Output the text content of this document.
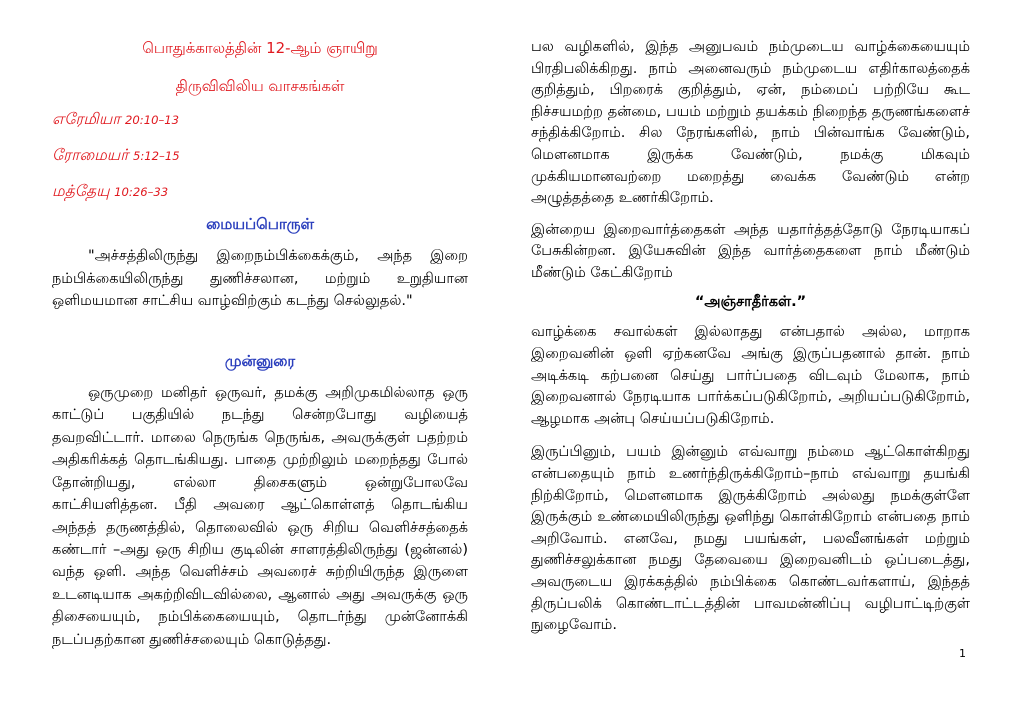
பொதுக்காலத்தின் 12-ஆம் ஞாயிறு
திருவிவிலிய வாசகங்கள்
எரேமியா 20:10–13
ரோமையர் 5:12–15
மத்தேயு 10:26–33
மையப்பொருள்

"அச்சத்திலிருந்து இறைநம்பிக்கைக்கும், அந்த இறை நம்பிக்கையிலிருந்து துணிச்சலான, மற்றும் உறுதியான ஒளிமயமான சாட்சிய வாழ்விற்கும் கடந்து செல்லுதல்."

முன்னுரை

ஒருமுறை மனிதர் ஒருவர், தமக்கு அறிமுகமில்லாத ஒரு காட்டுப் பகுதியில் நடந்து சென்றபோது வழியைத் தவறவிட்டார். மாலை நெருங்க நெருங்க, அவருக்குள் பதற்றம் அதிகரிக்கத் தொடங்கியது. பாதை முற்றிலும் மறைந்தது போல் தோன்றியது, எல்லா திசைகளும் ஒன்றுபோலவே காட்சியளித்தன. பீதி அவரை ஆட்கொள்ளத் தொடங்கிய அந்தத் தருணத்தில், தொலைவில் ஒரு சிறிய வெளிச்சத்தைக் கண்டார் –அது ஒரு சிறிய குடிலின் சாளரத்திலிருந்து (ஜன்னல்) வந்த ஒளி. அந்த வெளிச்சம் அவரைச் சுற்றியிருந்த இருளை உடனடியாக அகற்றிவிடவில்லை, ஆனால் அது அவருக்கு ஒரு திசையையும், நம்பிக்கையையும், தொடர்ந்து முன்னோக்கி நடப்பதற்கான துணிச்சலையும் கொடுத்தது.

பல வழிகளில், இந்த அனுபவம் நம்முடைய வாழ்க்கையையும் பிரதிபலிக்கிறது. நாம் அனைவரும் நம்முடைய எதிர்காலத்தைக் குறித்தும், பிறரைக் குறித்தும், ஏன், நம்மைப் பற்றியே கூட நிச்சயமற்ற தன்மை, பயம் மற்றும் தயக்கம் நிறைந்த தருணங்களைச் சந்திக்கிறோம். சில நேரங்களில், நாம் பின்வாங்க வேண்டும், மௌனமாக இருக்க வேண்டும், நமக்கு மிகவும் முக்கியமானவற்றை மறைத்து வைக்க வேண்டும் என்ற அழுத்தத்தை உணர்கிறோம்.

இன்றைய இறைவார்த்தைகள் அந்த யதார்த்தத்தோடு நேரடியாகப் பேசுகின்றன. இயேசுவின் இந்த வார்த்தைகளை நாம் மீண்டும் மீண்டும் கேட்கிறோம்

“அஞ்சாதீர்கள்.”

வாழ்க்கை சவால்கள் இல்லாதது என்பதால் அல்ல, மாறாக இறைவனின் ஒளி ஏற்கனவே அங்கு இருப்பதனால் தான். நாம் அடிக்கடி கற்பனை செய்து பார்ப்பதை விடவும் மேலாக, நாம் இறைவனால் நேரடியாக பார்க்கப்படுகிறோம், அறியப்படுகிறோம், ஆழமாக அன்பு செய்யப்படுகிறோம்.

இருப்பினும், பயம் இன்னும் எவ்வாறு நம்மை ஆட்கொள்கிறது என்பதையும் நாம் உணர்ந்திருக்கிறோம்–நாம் எவ்வாறு தயங்கி நிற்கிறோம், மௌனமாக இருக்கிறோம் அல்லது நமக்குள்ளே இருக்கும் உண்மையிலிருந்து ஒளிந்து கொள்கிறோம் என்பதை நாம் அறிவோம். எனவே, நமது பயங்கள், பலவீனங்கள் மற்றும் துணிச்சலுக்கான நமது தேவையை இறைவனிடம் ஒப்படைத்து, அவருடைய இரக்கத்தில் நம்பிக்கை கொண்டவர்களாய், இந்தத் திருப்பலிக் கொண்டாட்டத்தின் பாவமன்னிப்பு வழிபாட்டிற்குள் நுழைவோம்.

1
